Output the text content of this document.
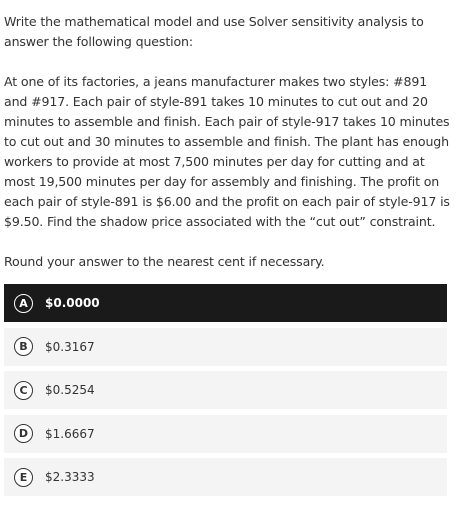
Write the mathematical model and use Solver sensitivity analysis to answer the following question:

At one of its factories, a jeans manufacturer makes two styles: #891 and #917. Each pair of style-891 takes 10 minutes to cut out and 20 minutes to assemble and finish. Each pair of style-917 takes 10 minutes to cut out and 30 minutes to assemble and finish. The plant has enough workers to provide at most 7,500 minutes per day for cutting and at most 19,500 minutes per day for assembly and finishing. The profit on each pair of style-891 is $6.00 and the profit on each pair of style-917 is $9.50. Find the shadow price associated with the “cut out” constraint.

Round your answer to the nearest cent if necessary.

A	$0.0000
B	$0.3167
C	$0.5254
D	$1.6667
E	$2.3333
